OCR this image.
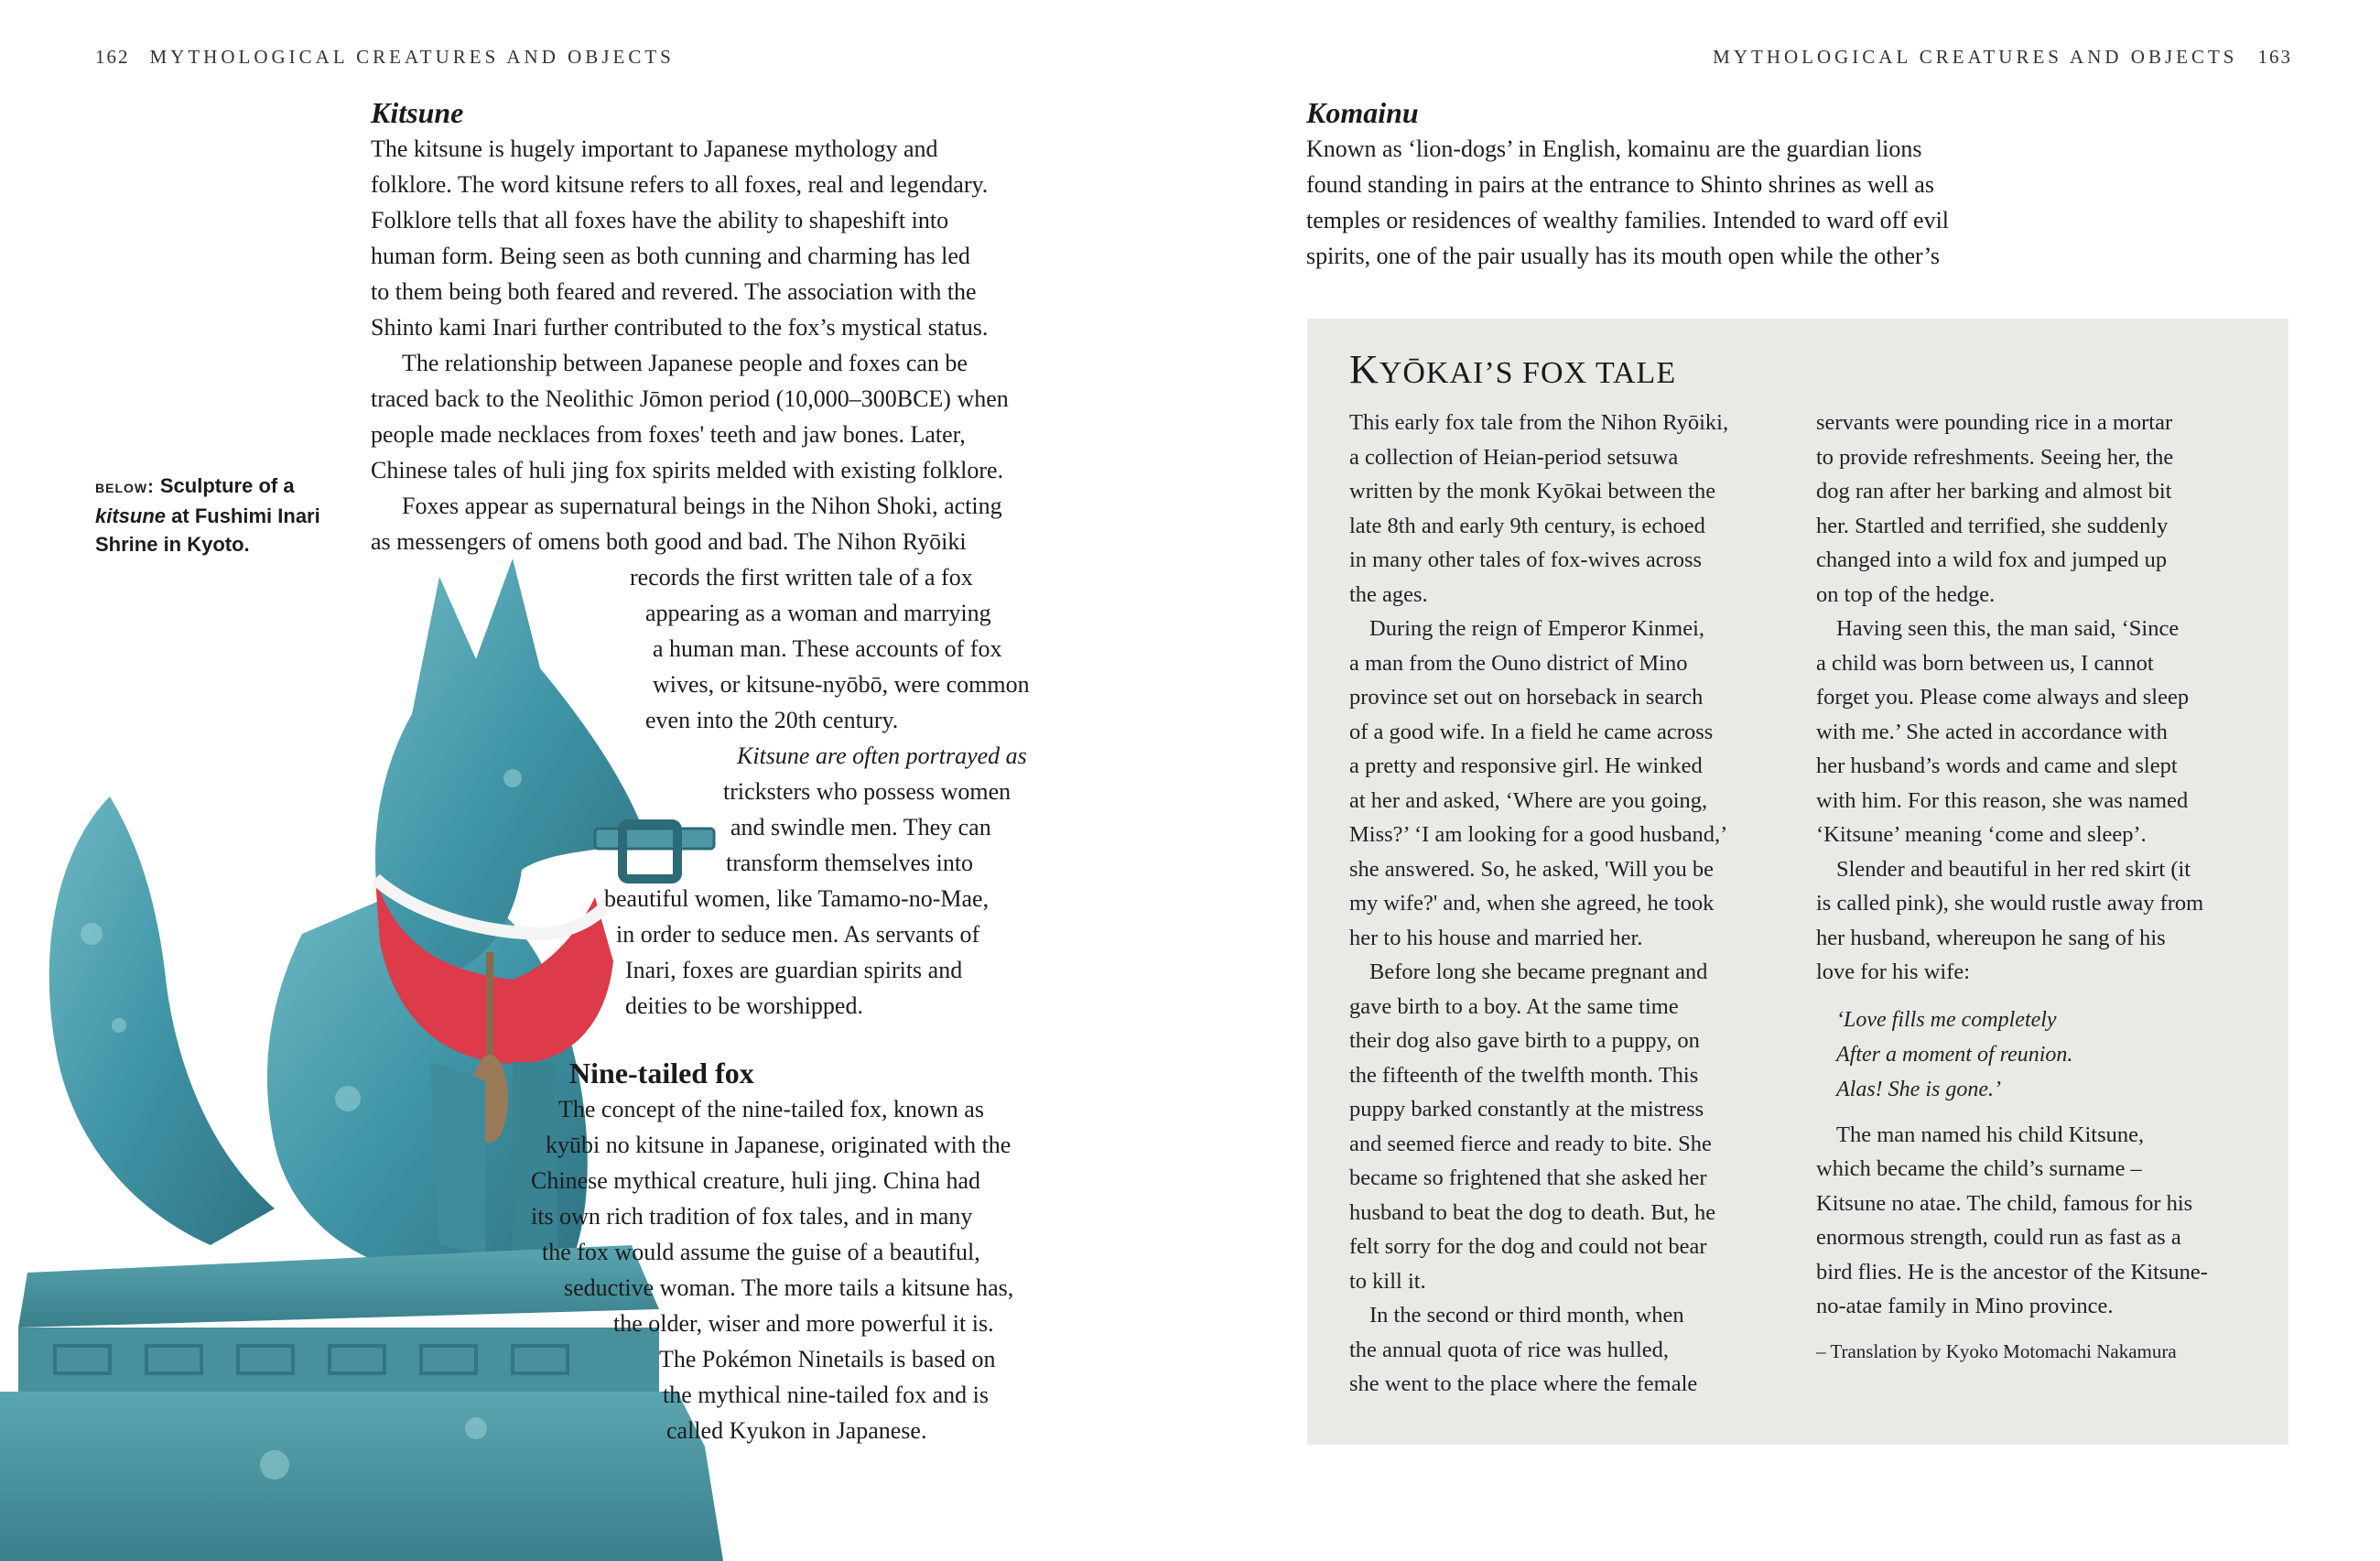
162 MYTHOLOGICAL CREATURES AND OBJECTS	MYTHOLOGICAL CREATURES AND OBJECTS 163
below: Sculpture of a
kitsune at Fushimi Inari
Shrine in Kyoto.
Kitsune
The kitsune is hugely important to Japanese mythology and
folklore. The word kitsune refers to all foxes, real and legendary.
Folklore tells that all foxes have the ability to shapeshift into
human form. Being seen as both cunning and charming has led
to them being both feared and revered. The association with the
Shinto kami Inari further contributed to the fox’s mystical status.
The relationship between Japanese people and foxes can be
traced back to the Neolithic Jōmon period (10,000–300BCE) when
people made necklaces from foxes' teeth and jaw bones. Later,
Chinese tales of huli jing fox spirits melded with existing folklore.
Foxes appear as supernatural beings in the Nihon Shoki, acting
as messengers of omens both good and bad. The Nihon Ryōiki
records the first written tale of a fox
appearing as a woman and marrying
a human man. These accounts of fox
wives, or kitsune-nyōbō, were common
even into the 20th century.
Kitsune are often portrayed as
tricksters who possess women
and swindle men. They can
transform themselves into
beautiful women, like Tamamo-no-Mae,
in order to seduce men. As servants of
Inari, foxes are guardian spirits and
deities to be worshipped.
Nine-tailed fox
The concept of the nine-tailed fox, known as
kyūbi no kitsune in Japanese, originated with the
Chinese mythical creature, huli jing. China had
its own rich tradition of fox tales, and in many
the fox would assume the guise of a beautiful,
seductive woman. The more tails a kitsune has,
the older, wiser and more powerful it is.
The Pokémon Ninetails is based on
the mythical nine-tailed fox and is
called Kyukon in Japanese.
Komainu
Known as ‘lion-dogs’ in English, komainu are the guardian lions
found standing in pairs at the entrance to Shinto shrines as well as
temples or residences of wealthy families. Intended to ward off evil
spirits, one of the pair usually has its mouth open while the other’s
KYŌKAI’S FOX TALE
This early fox tale from the Nihon Ryōiki,
a collection of Heian-period setsuwa
written by the monk Kyōkai between the
late 8th and early 9th century, is echoed
in many other tales of fox-wives across
the ages.
During the reign of Emperor Kinmei,
a man from the Ouno district of Mino
province set out on horseback in search
of a good wife. In a field he came across
a pretty and responsive girl. He winked
at her and asked, ‘Where are you going,
Miss?’ ‘I am looking for a good husband,’
she answered. So, he asked, 'Will you be
my wife?' and, when she agreed, he took
her to his house and married her.
Before long she became pregnant and
gave birth to a boy. At the same time
their dog also gave birth to a puppy, on
the fifteenth of the twelfth month. This
puppy barked constantly at the mistress
and seemed fierce and ready to bite. She
became so frightened that she asked her
husband to beat the dog to death. But, he
felt sorry for the dog and could not bear
to kill it.
In the second or third month, when
the annual quota of rice was hulled,
she went to the place where the female
servants were pounding rice in a mortar
to provide refreshments. Seeing her, the
dog ran after her barking and almost bit
her. Startled and terrified, she suddenly
changed into a wild fox and jumped up
on top of the hedge.
Having seen this, the man said, ‘Since
a child was born between us, I cannot
forget you. Please come always and sleep
with me.’ She acted in accordance with
her husband’s words and came and slept
with him. For this reason, she was named
‘Kitsune’ meaning ‘come and sleep’.
Slender and beautiful in her red skirt (it
is called pink), she would rustle away from
her husband, whereupon he sang of his
love for his wife:
‘Love fills me completely
After a moment of reunion.
Alas! She is gone.’
The man named his child Kitsune,
which became the child’s surname –
Kitsune no atae. The child, famous for his
enormous strength, could run as fast as a
bird flies. He is the ancestor of the Kitsune-
no-atae family in Mino province.
– Translation by Kyoko Motomachi Nakamura
